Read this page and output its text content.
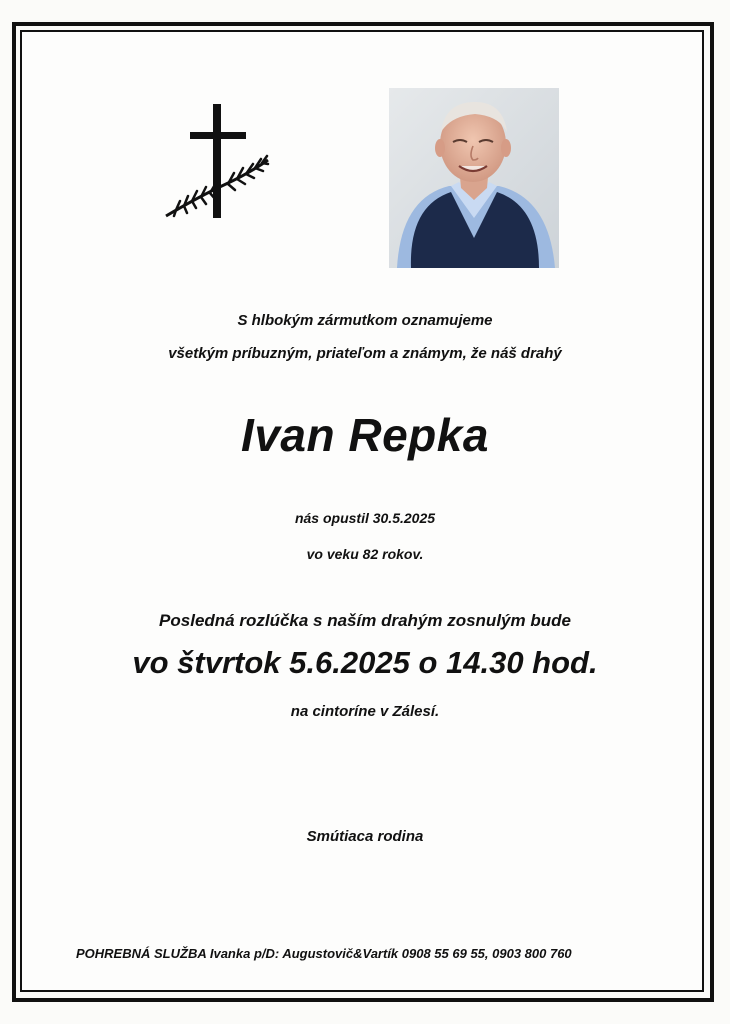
S hlbokým zármutkom oznamujeme
všetkým príbuzným, priateľom a známym, že náš drahý
Ivan Repka
nás opustil 30.5.2025
vo veku 82 rokov.
Posledná rozlúčka s naším drahým zosnulým bude
vo štvrtok 5.6.2025 o 14.30 hod.
na cintoríne v Zálesí.
Smútiaca rodina
POHREBNÁ SLUŽBA Ivanka p/D: Augustovič&Vartík 0908 55 69 55, 0903 800 760
